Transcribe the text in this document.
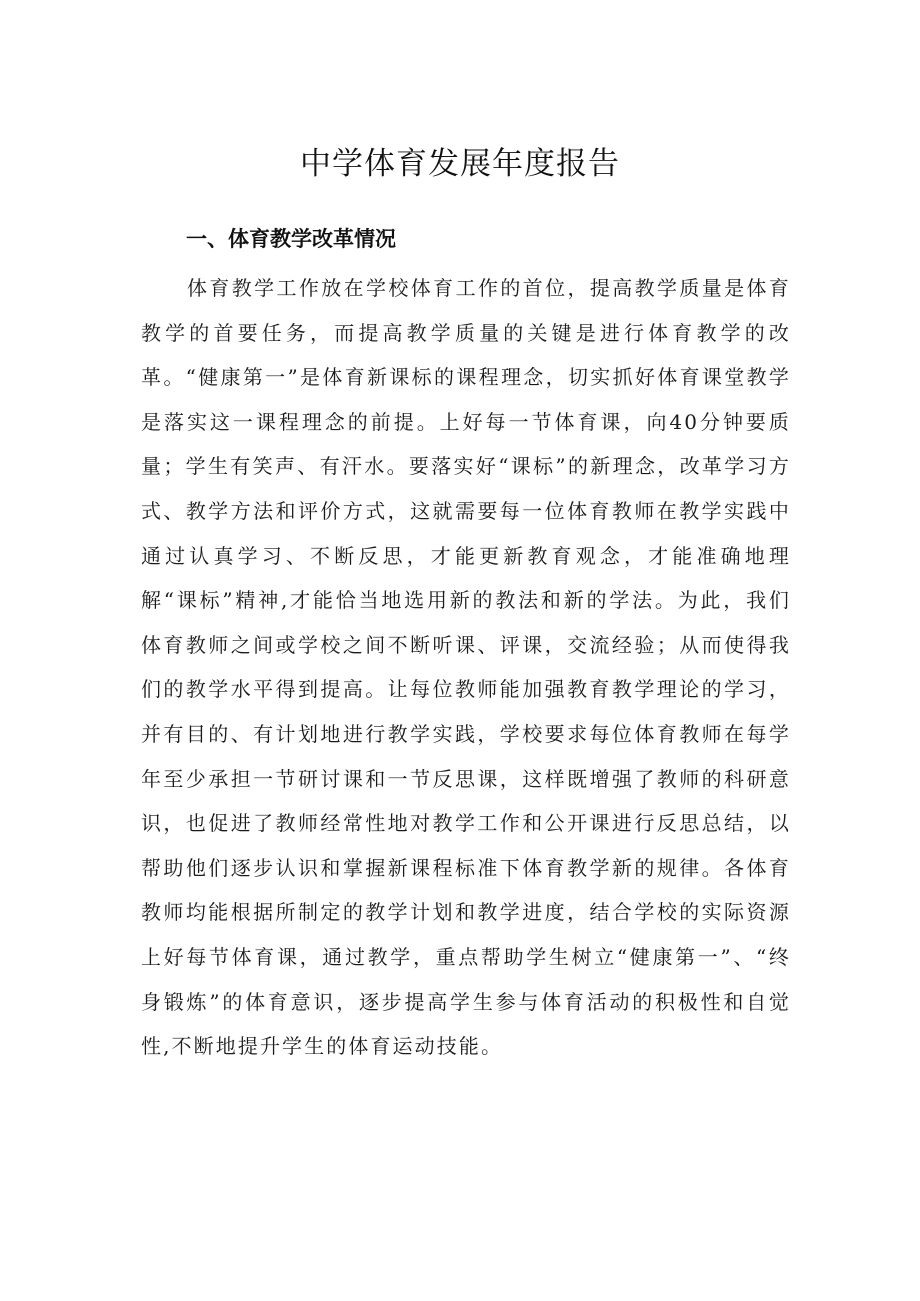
中学体育发展年度报告
一、体育教学改革情况

体育教学工作放在学校体育工作的首位，提高教学质量是体育教学的首要任务，而提高教学质量的关键是进行体育教学的改革。“健康第一”是体育新课标的课程理念，切实抓好体育课堂教学是落实这一课程理念的前提。上好每一节体育课，向40分钟要质量；学生有笑声、有汗水。要落实好“课标”的新理念，改革学习方式、教学方法和评价方式，这就需要每一位体育教师在教学实践中通过认真学习、不断反思，才能更新教育观念，才能准确地理解“课标”精神,才能恰当地选用新的教法和新的学法。为此，我们体育教师之间或学校之间不断听课、评课，交流经验；从而使得我们的教学水平得到提高。让每位教师能加强教育教学理论的学习，并有目的、有计划地进行教学实践，学校要求每位体育教师在每学年至少承担一节研讨课和一节反思课，这样既增强了教师的科研意识，也促进了教师经常性地对教学工作和公开课进行反思总结，以帮助他们逐步认识和掌握新课程标准下体育教学新的规律。各体育教师均能根据所制定的教学计划和教学进度，结合学校的实际资源上好每节体育课，通过教学，重点帮助学生树立“健康第一”、“终身锻炼”的体育意识，逐步提高学生参与体育活动的积极性和自觉性,不断地提升学生的体育运动技能。
